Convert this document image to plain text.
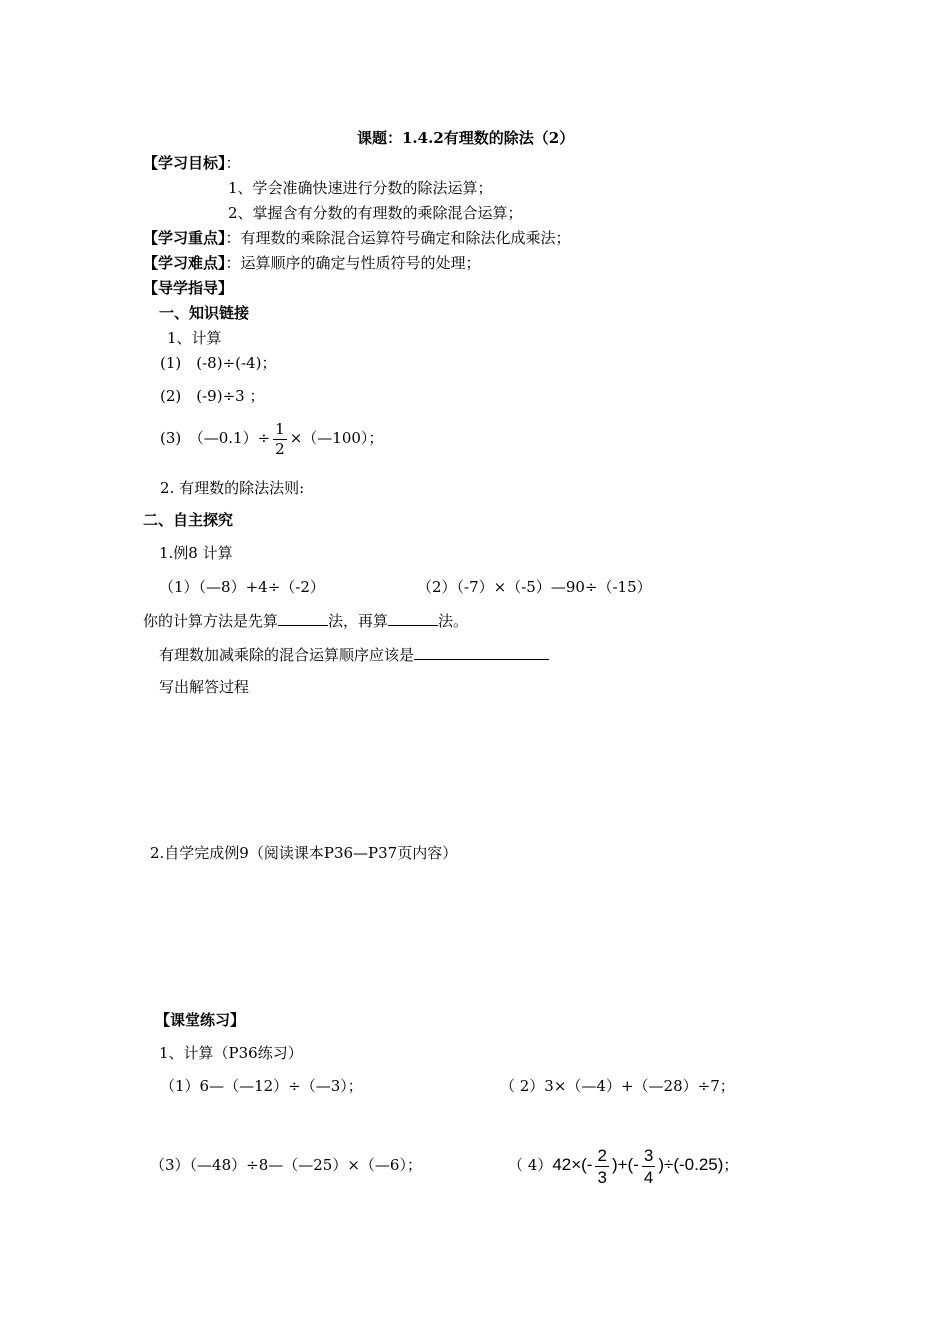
课题：1.4.2有理数的除法（2）
【学习目标】：
1、学会准确快速进行分数的除法运算；
2、掌握含有分数的有理数的乘除混合运算；
【学习重点】：有理数的乘除混合运算符号确定和除法化成乘法；
【学习难点】：运算顺序的确定与性质符号的处理；
【导学指导】
一、知识链接
1、计算
(1)　(-8)÷(-4)；
(2)　(-9)÷3 ；
(3)　（—0.1）÷ $\frac{1}{2}$ ×（—100）；
2. 有理数的除法法则:
二、自主探究
1.例8 计算
（1）（—8）+4÷（-2）	（2）（-7）×（-5）—90÷（-15）
你的计算方法是先算	法，再算	法。
有理数加减乘除的混合运算顺序应该是
写出解答过程
2.自学完成例9（阅读课本P36—P37页内容）
【课堂练习】
1、计算（P36练习）
（1）6—（—12）÷（—3）；	（ 2）3×（—4）+（—28）÷7；
（3）（—48）÷8—（—25）×（—6）；	（ $4)42\times(- \frac{2}{3}$ )+(- $\frac{3}{4} )\div(-0.25)$；
